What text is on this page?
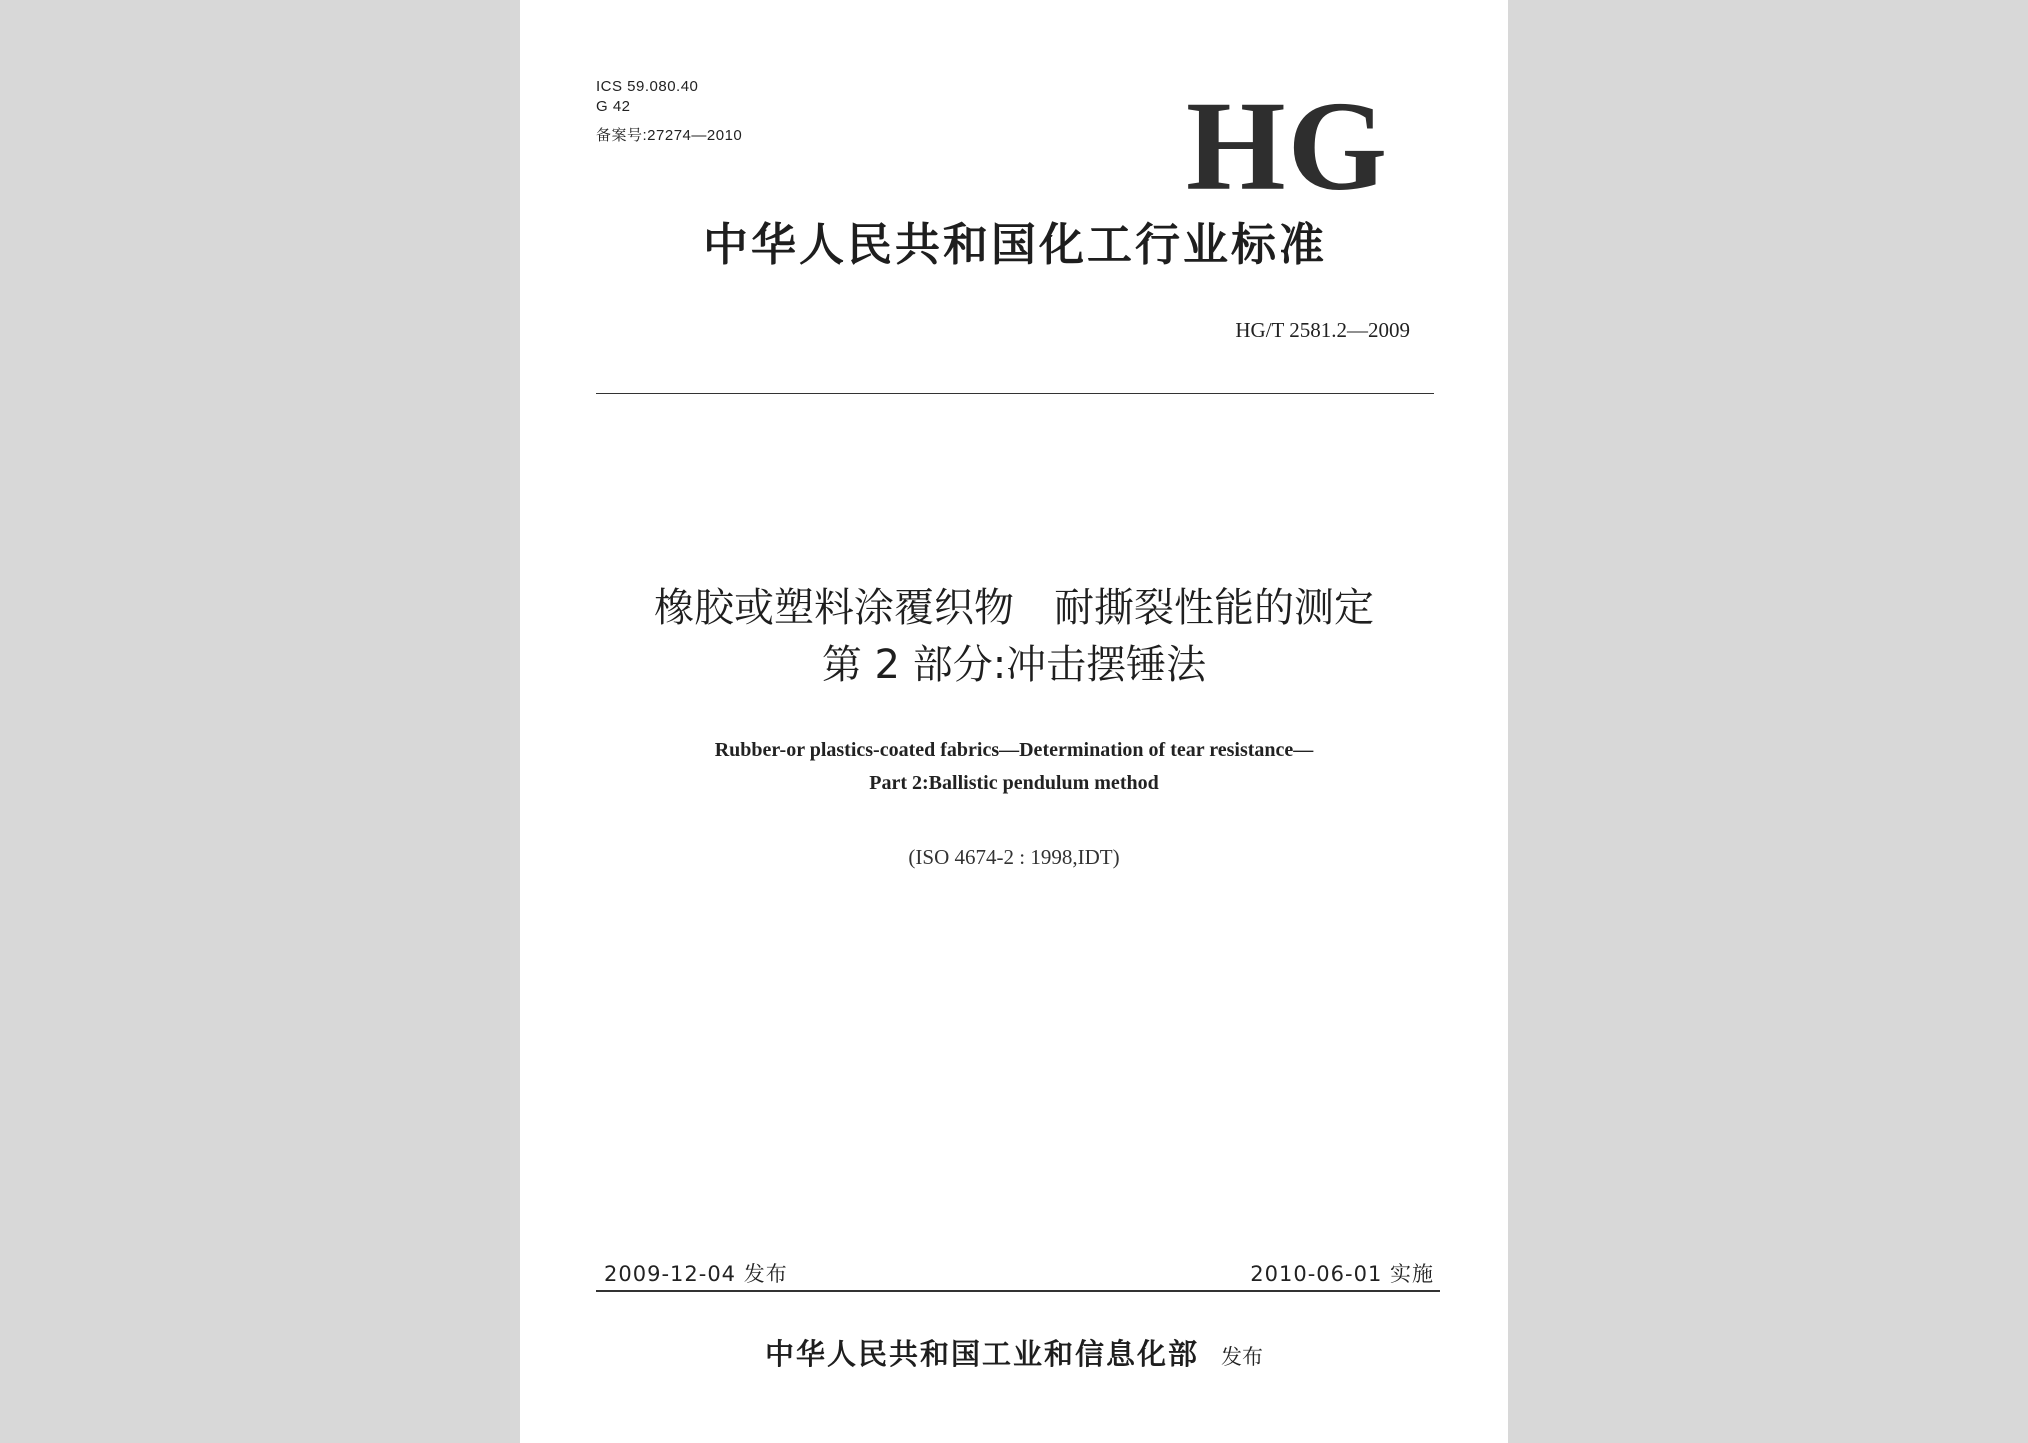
ICS 59.080.40
G 42
备案号:27274—2010	HG
中华人民共和国化工行业标准
HG/T 2581.2—2009
橡胶或塑料涂覆织物　耐撕裂性能的测定
第 2 部分:冲击摆锤法
Rubber-or plastics-coated fabrics—Determination of tear resistance—
Part 2:Ballistic pendulum method
(ISO 4674-2 : 1998,IDT)
2009-12-04 发布	2010-06-01 实施
中华人民共和国工业和信息化部 发布
